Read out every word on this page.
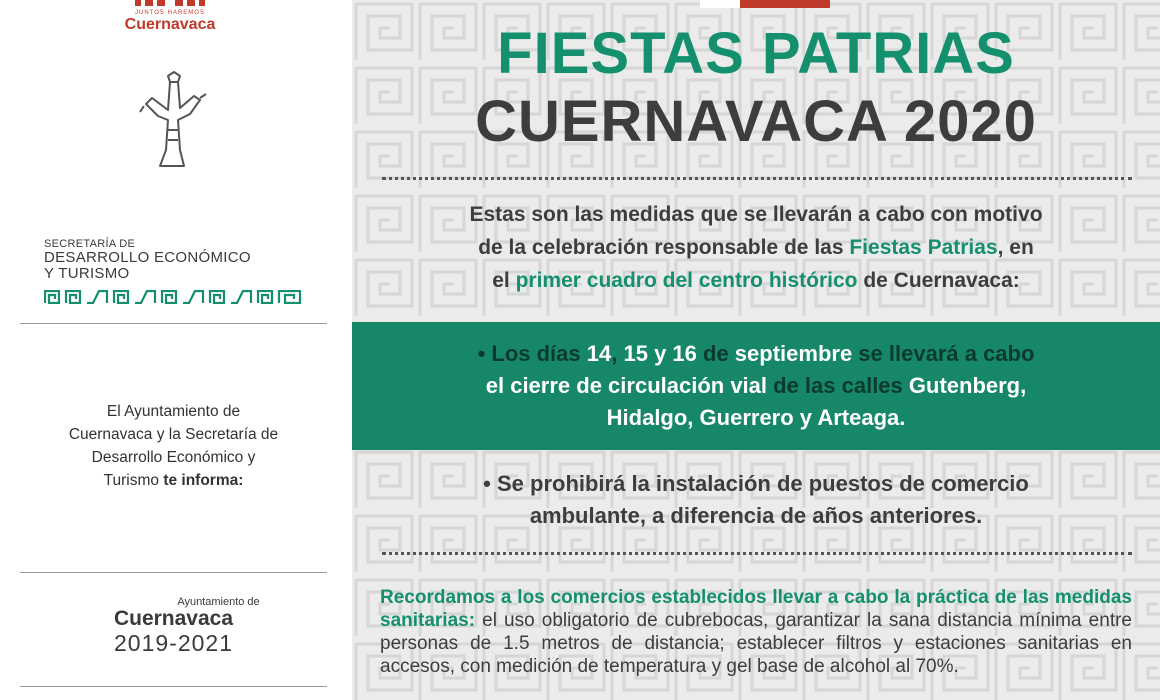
JUNTOS HAREMOS
Cuernavaca
SECRETARÍA DE
DESARROLLO ECONÓMICO
Y TURISMO
El Ayuntamiento de
Cuernavaca y la Secretaría de
Desarrollo Económico y
Turismo te informa:
Ayuntamiento de
Cuernavaca
2019-2021
FIESTAS PATRIAS
CUERNAVACA 2020
Estas son las medidas que se llevarán a cabo con motivo
de la celebración responsable de las Fiestas Patrias, en
el primer cuadro del centro histórico de Cuernavaca:
• Los días 14, 15 y 16 de septiembre se llevará a cabo
el cierre de circulación vial de las calles Gutenberg,
Hidalgo, Guerrero y Arteaga.
• Se prohibirá la instalación de puestos de comercio
ambulante, a diferencia de años anteriores.
Recordamos a los comercios establecidos llevar a cabo la práctica de las medidas sanitarias: el uso obligatorio de cubrebocas, garantizar la sana distancia mínima entre personas de 1.5 metros de distancia; establecer filtros y estaciones sanitarias en accesos, con medición de temperatura y gel base de alcohol al 70%.
